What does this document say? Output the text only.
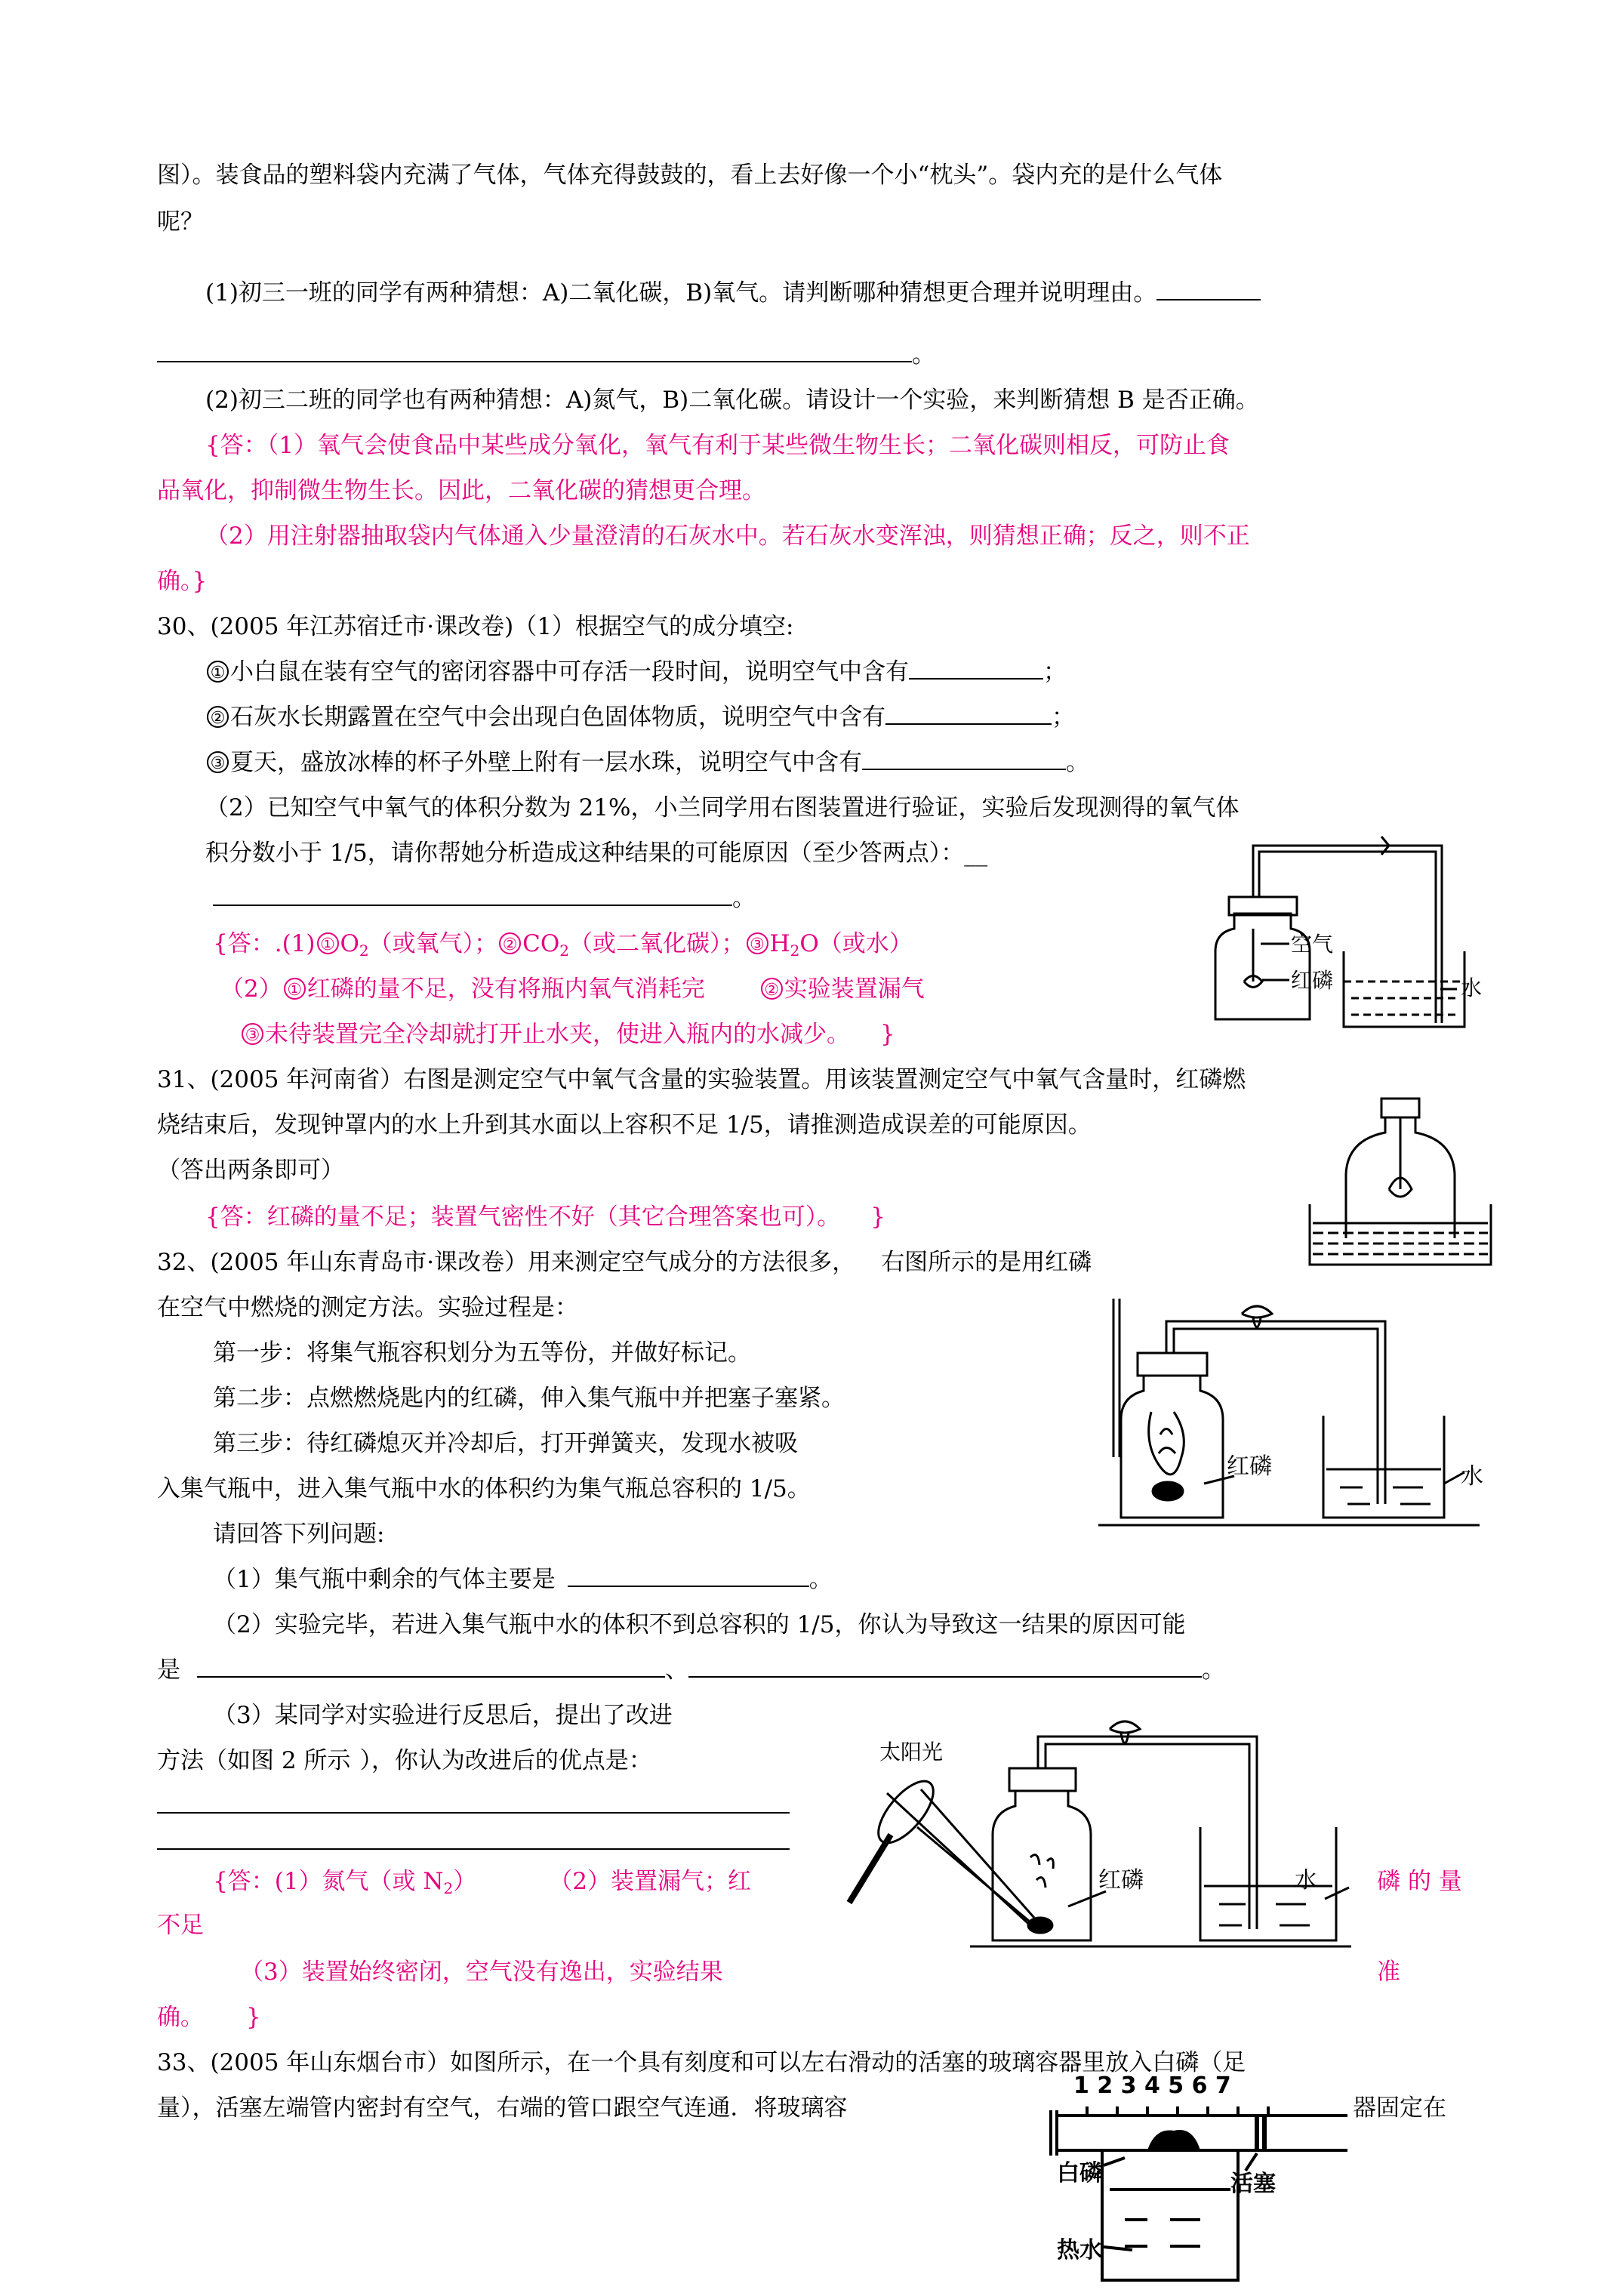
图）。装食品的塑料袋内充满了气体，气体充得鼓鼓的，看上去好像一个小“枕头”。袋内充的是什么气体
呢？
(1)初三一班的同学有两种猜想：A)二氧化碳，B)氧气。请判断哪种猜想更合理并说明理由。
。
(2)初三二班的同学也有两种猜想：A)氮气，B)二氧化碳。请设计一个实验，来判断猜想 B 是否正确。
{答：（1）氧气会使食品中某些成分氧化，氧气有利于某些微生物生长；二氧化碳则相反，可防止食
品氧化，抑制微生物生长。因此，二氧化碳的猜想更合理。
（2）用注射器抽取袋内气体通入少量澄清的石灰水中。若石灰水变浑浊，则猜想正确；反之，则不正
确。}
30、(2005 年江苏宿迁市·课改卷)（1）根据空气的成分填空:
① 小白鼠在装有空气的密闭容器中可存活一段时间，说明空气中含有	；
② 石灰水长期露置在空气中会出现白色固体物质，说明空气中含有	；
③ 夏天，盛放冰棒的杯子外壁上附有一层水珠，说明空气中含有	。
（2）已知空气中氧气的体积分数为 21%，小兰同学用右图装置进行验证，实验后发现测得的氧气体
积分数小于 1/5，请你帮她分析造成这种结果的可能原因（至少答两点）：__
。
{答：.(1) ① $O_2$（或氧气）； ② $CO_2$（或二氧化碳）； ③ $H_2O$（或水）
（2） ① 红磷的量不足，没有将瓶内氧气消耗完	② 实验装置漏气
③ 未待装置完全冷却就打开止水夹，使进入瓶内的水减少。 }
空气
红磷	水
31、(2005 年河南省）右图是测定空气中氧气含量的实验装置。用该装置测定空气中氧气含量时，红磷燃
烧结束后，发现钟罩内的水上升到其水面以上容积不足 1/5，请推测造成误差的可能原因。
（答出两条即可）
{答：红磷的量不足；装置气密性不好（其它合理答案也可）。 }
32、(2005 年山东青岛市·课改卷）用来测定空气成分的方法很多， 右图所示的是用红磷
在空气中燃烧的测定方法。实验过程是：
第一步：将集气瓶容积划分为五等份，并做好标记。
第二步：点燃燃烧匙内的红磷，伸入集气瓶中并把塞子塞紧。
第三步：待红磷熄灭并冷却后，打开弹簧夹，发现水被吸
入集气瓶中，进入集气瓶中水的体积约为集气瓶总容积的 1/5。
请回答下列问题:
（1）集气瓶中剩余的气体主要是	。
（2）实验完毕，若进入集气瓶中水的体积不到总容积的 1/5，你认为导致这一结果的原因可能
是	、	。
（3）某同学对实验进行反思后，提出了改进
方法（如图 2 所示 ），你认为改进后的优点是：
{答：(1）氮气（或 $N_2$）	（2）装置漏气；红	磷 的 量
不足
（3）装置始终密闭，空气没有逸出，实验结果	准
确。 }
红磷	水
太阳光
红磷	水
33、(2005 年山东烟台市）如图所示，在一个具有刻度和可以左右滑动的活塞的玻璃容器里放入白磷（足
量），活塞左端管内密封有空气，右端的管口跟空气连通．将玻璃容	器固定在
1 2 3 4 5 6 7
白磷	活塞
热水
